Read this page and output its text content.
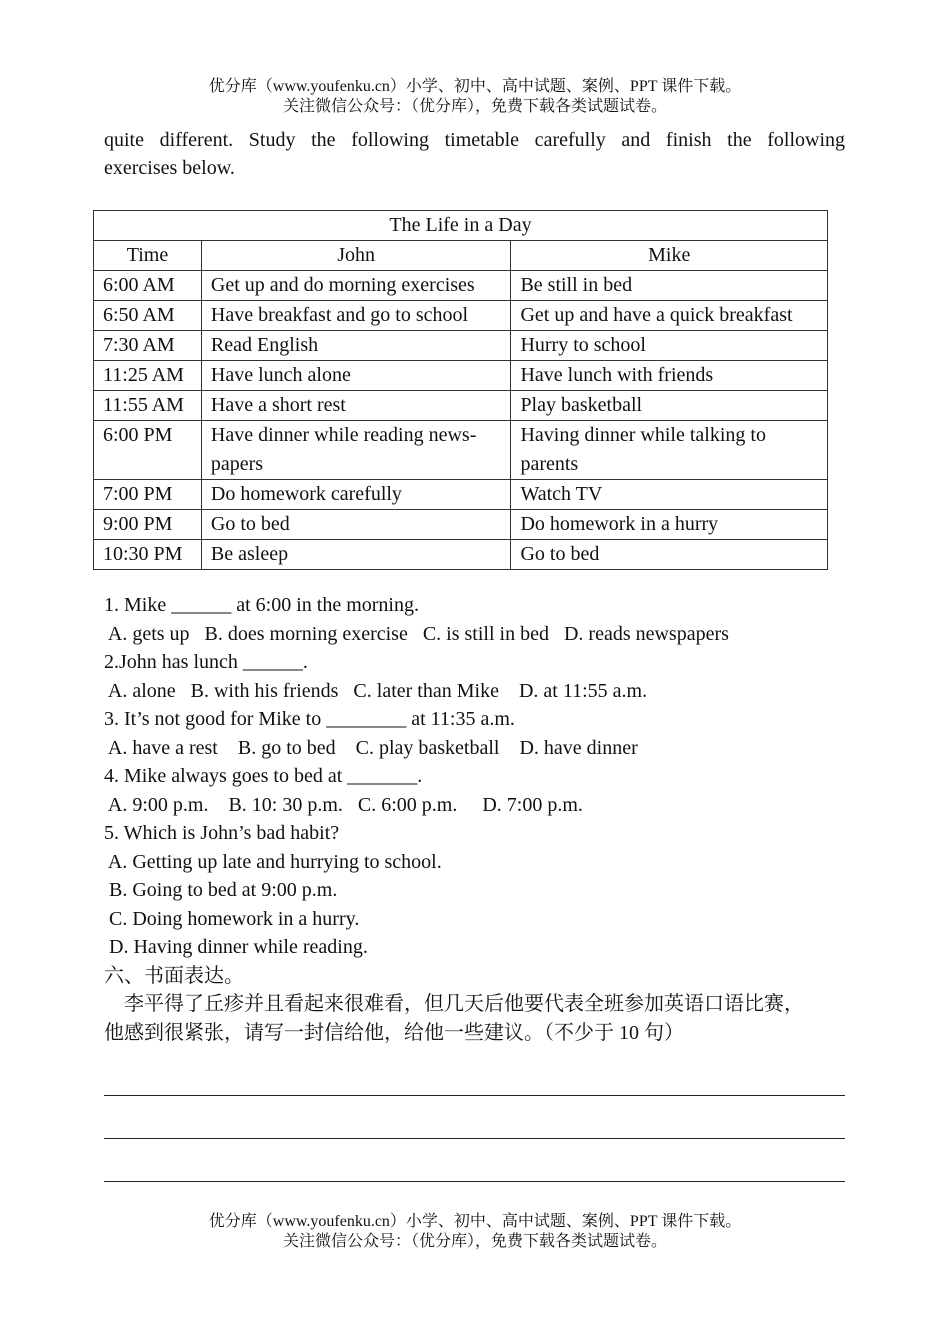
优分库（www.youfenku.cn）小学、初中、高中试题、案例、PPT 课件下载。
关注微信公众号：（优分库），免费下载各类试题试卷。
quite different. Study the following timetable carefully and finish the following
exercises below.
The Life in a Day		
Time	John	Mike
6:00 AM	Get up and do morning exercises	Be still in bed
6:50 AM	Have breakfast and go to school	Get up and have a quick breakfast
7:30 AM	Read English	Hurry to school
11:25 AM	Have lunch alone	Have lunch with friends
11:55 AM	Have a short rest	Play basketball
6:00 PM	Have dinner while reading news-papers	Having dinner while talking to parents
7:00 PM	Do homework carefully	Watch TV
9:00 PM	Go to bed	Do homework in a hurry
10:30 PM	Be asleep	Go to bed
1. Mike ______ at 6:00 in the morning.
A. gets up   B. does morning exercise   C. is still in bed   D. reads newspapers
2.John has lunch ______.
A. alone   B. with his friends   C. later than Mike    D. at 11:55 a.m.
3. It’s not good for Mike to ________ at 11:35 a.m.
A. have a rest    B. go to bed    C. play basketball    D. have dinner
4. Mike always goes to bed at _______.
A. 9:00 p.m.    B. 10: 30 p.m.   C. 6:00 p.m.     D. 7:00 p.m.
5. Which is John’s bad habit?
A. Getting up late and hurrying to school.
B. Going to bed at 9:00 p.m.
C. Doing homework in a hurry.
D. Having dinner while reading.
六、书面表达。
　李平得了丘疹并且看起来很难看，但几天后他要代表全班参加英语口语比赛，
他感到很紧张，请写一封信给他，给他一些建议。（不少于 10 句）
优分库（www.youfenku.cn）小学、初中、高中试题、案例、PPT 课件下载。
关注微信公众号：（优分库），免费下载各类试题试卷。
